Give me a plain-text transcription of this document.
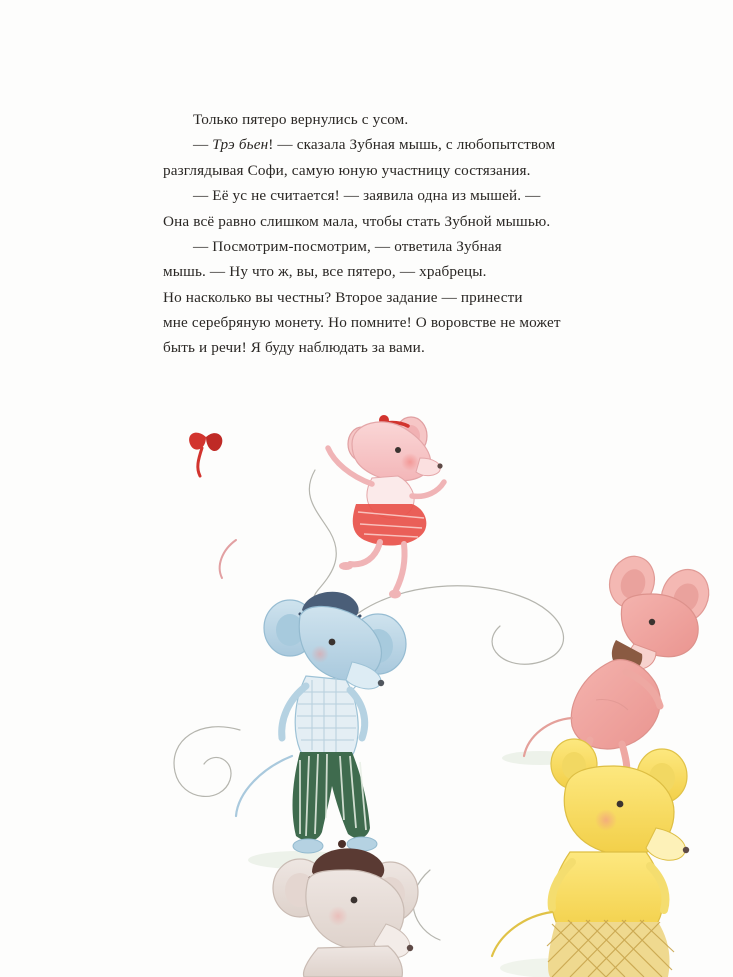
Только пятеро вернулись с усом.

— Трэ бьен! — сказала Зубная мышь, с любопытством

разглядывая Софи, самую юную участницу состязания.

— Её ус не считается! — заявила одна из мышей. —

Она всё равно слишком мала, чтобы стать Зубной мышью.

— Посмотрим-посмотрим, — ответила Зубная

мышь. — Ну что ж, вы, все пятеро, — храбрецы.

Но насколько вы честны? Второе задание — принести

мне серебряную монету. Но помните! О воровстве не может

быть и речи! Я буду наблюдать за вами.
